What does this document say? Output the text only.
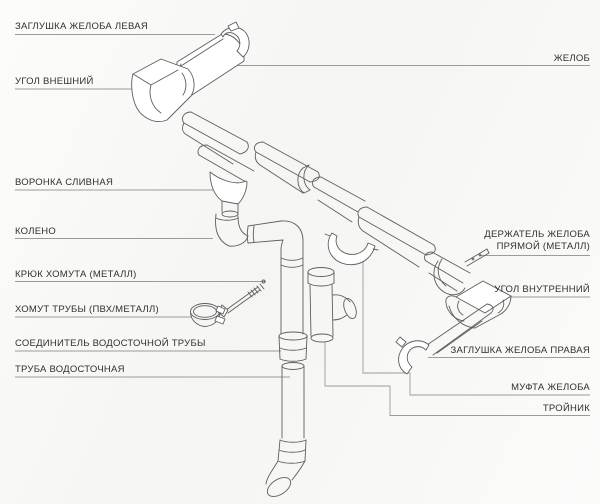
ЗАГЛУШКА ЖЕЛОБА ЛЕВАЯ
УГОЛ ВНЕШНИЙ
ВОРОНКА СЛИВНАЯ
КОЛЕНО
КРЮК ХОМУТА (МЕТАЛЛ)
ХОМУТ ТРУБЫ (ПВХ/МЕТАЛЛ)
СОЕДИНИТЕЛЬ ВОДОСТОЧНОЙ ТРУБЫ
ТРУБА ВОДОСТОЧНАЯ
ЖЕЛОБ
ДЕРЖАТЕЛЬ ЖЕЛОБА ПРЯМОЙ (МЕТАЛЛ)
УГОЛ ВНУТРЕННИЙ
ЗАГЛУШКА ЖЕЛОБА ПРАВАЯ
МУФТА ЖЕЛОБА
ТРОЙНИК
